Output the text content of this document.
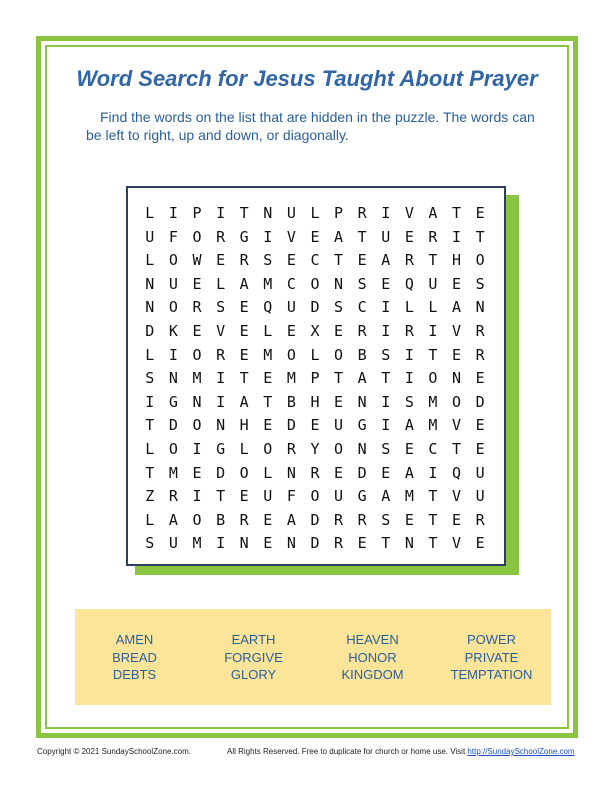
Word Search for Jesus Taught About Prayer

Find the words on the list that are hidden in the puzzle. The words can be left to right, up and down, or diagonally.

L I P I T N U L P R I V A T E
U F O R G I V E A T U E R I T
L O W E R S E C T E A R T H O
N U E L A M C O N S E Q U E S
N O R S E Q U D S C I L L A N
D K E V E L E X E R I R I V R
L I O R E M O L O B S I T E R
S N M I T E M P T A T I O N E
I G N I A T B H E N I S M O D
T D O N H E D E U G I A M V E
L O I G L O R Y O N S E C T E
T M E D O L N R E D E A I Q U
Z R I T E U F O U G A M T V U
L A O B R E A D R R S E T E R
S U M I N E N D R E T N T V E
AMEN
BREAD
DEBTS
EARTH
FORGIVE
GLORY
HEAVEN
HONOR
KINGDOM
POWER
PRIVATE
TEMPTATION
Copyright © 2021 SundaySchoolZone.com.	All Rights Reserved. Free to duplicate for church or home use. Visit http://SundaySchoolZone.com
